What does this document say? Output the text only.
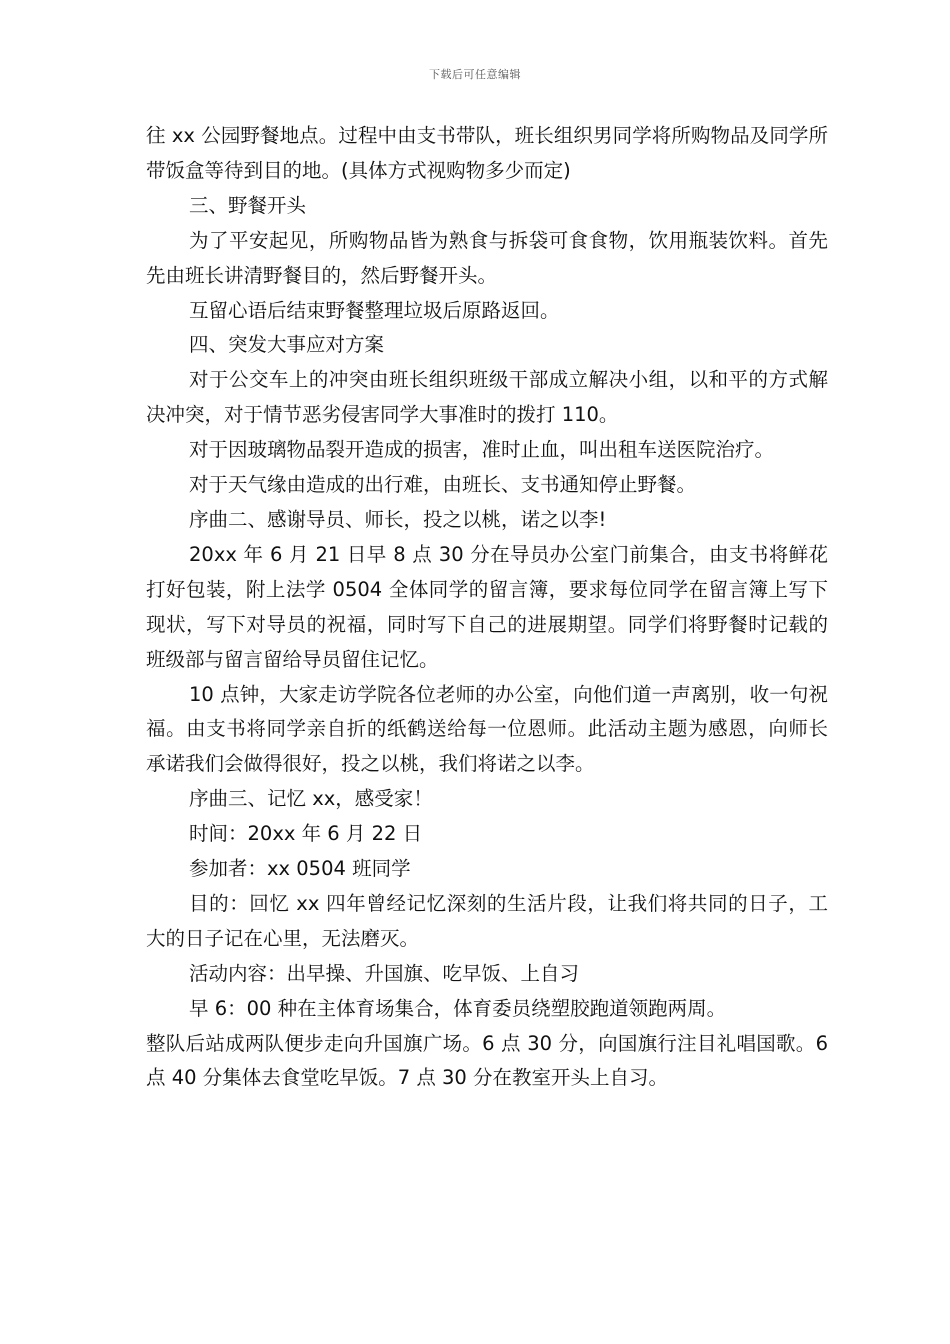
下载后可任意编辑

往 xx 公园野餐地点。过程中由支书带队，班长组织男同学将所购物品及同学所带饭盒等待到目的地。(具体方式视购物多少而定)

三、野餐开头

为了平安起见，所购物品皆为熟食与拆袋可食食物，饮用瓶装饮料。首先先由班长讲清野餐目的，然后野餐开头。

互留心语后结束野餐整理垃圾后原路返回。

四、突发大事应对方案

对于公交车上的冲突由班长组织班级干部成立解决小组，以和平的方式解决冲突，对于情节恶劣侵害同学大事准时的拨打 110。

对于因玻璃物品裂开造成的损害，准时止血，叫出租车送医院治疗。

对于天气缘由造成的出行难，由班长、支书通知停止野餐。

序曲二、感谢导员、师长，投之以桃，诺之以李!

20xx 年 6 月 21 日早 8 点 30 分在导员办公室门前集合，由支书将鲜花打好包装，附上法学 0504 全体同学的留言簿，要求每位同学在留言簿上写下现状，写下对导员的祝福，同时写下自己的进展期望。同学们将野餐时记载的班级部与留言留给导员留住记忆。

10 点钟，大家走访学院各位老师的办公室，向他们道一声离别，收一句祝福。由支书将同学亲自折的纸鹤送给每一位恩师。此活动主题为感恩，向师长承诺我们会做得很好，投之以桃，我们将诺之以李。

序曲三、记忆 xx，感受家！

时间：20xx 年 6 月 22 日

参加者：xx 0504 班同学

目的：回忆 xx 四年曾经记忆深刻的生活片段，让我们将共同的日子，工大的日子记在心里，无法磨灭。

活动内容：出早操、升国旗、吃早饭、上自习

早 6：00 种在主体育场集合，体育委员绕塑胶跑道领跑两周。

整队后站成两队便步走向升国旗广场。6 点 30 分，向国旗行注目礼唱国歌。6 点 40 分集体去食堂吃早饭。7 点 30 分在教室开头上自习。
